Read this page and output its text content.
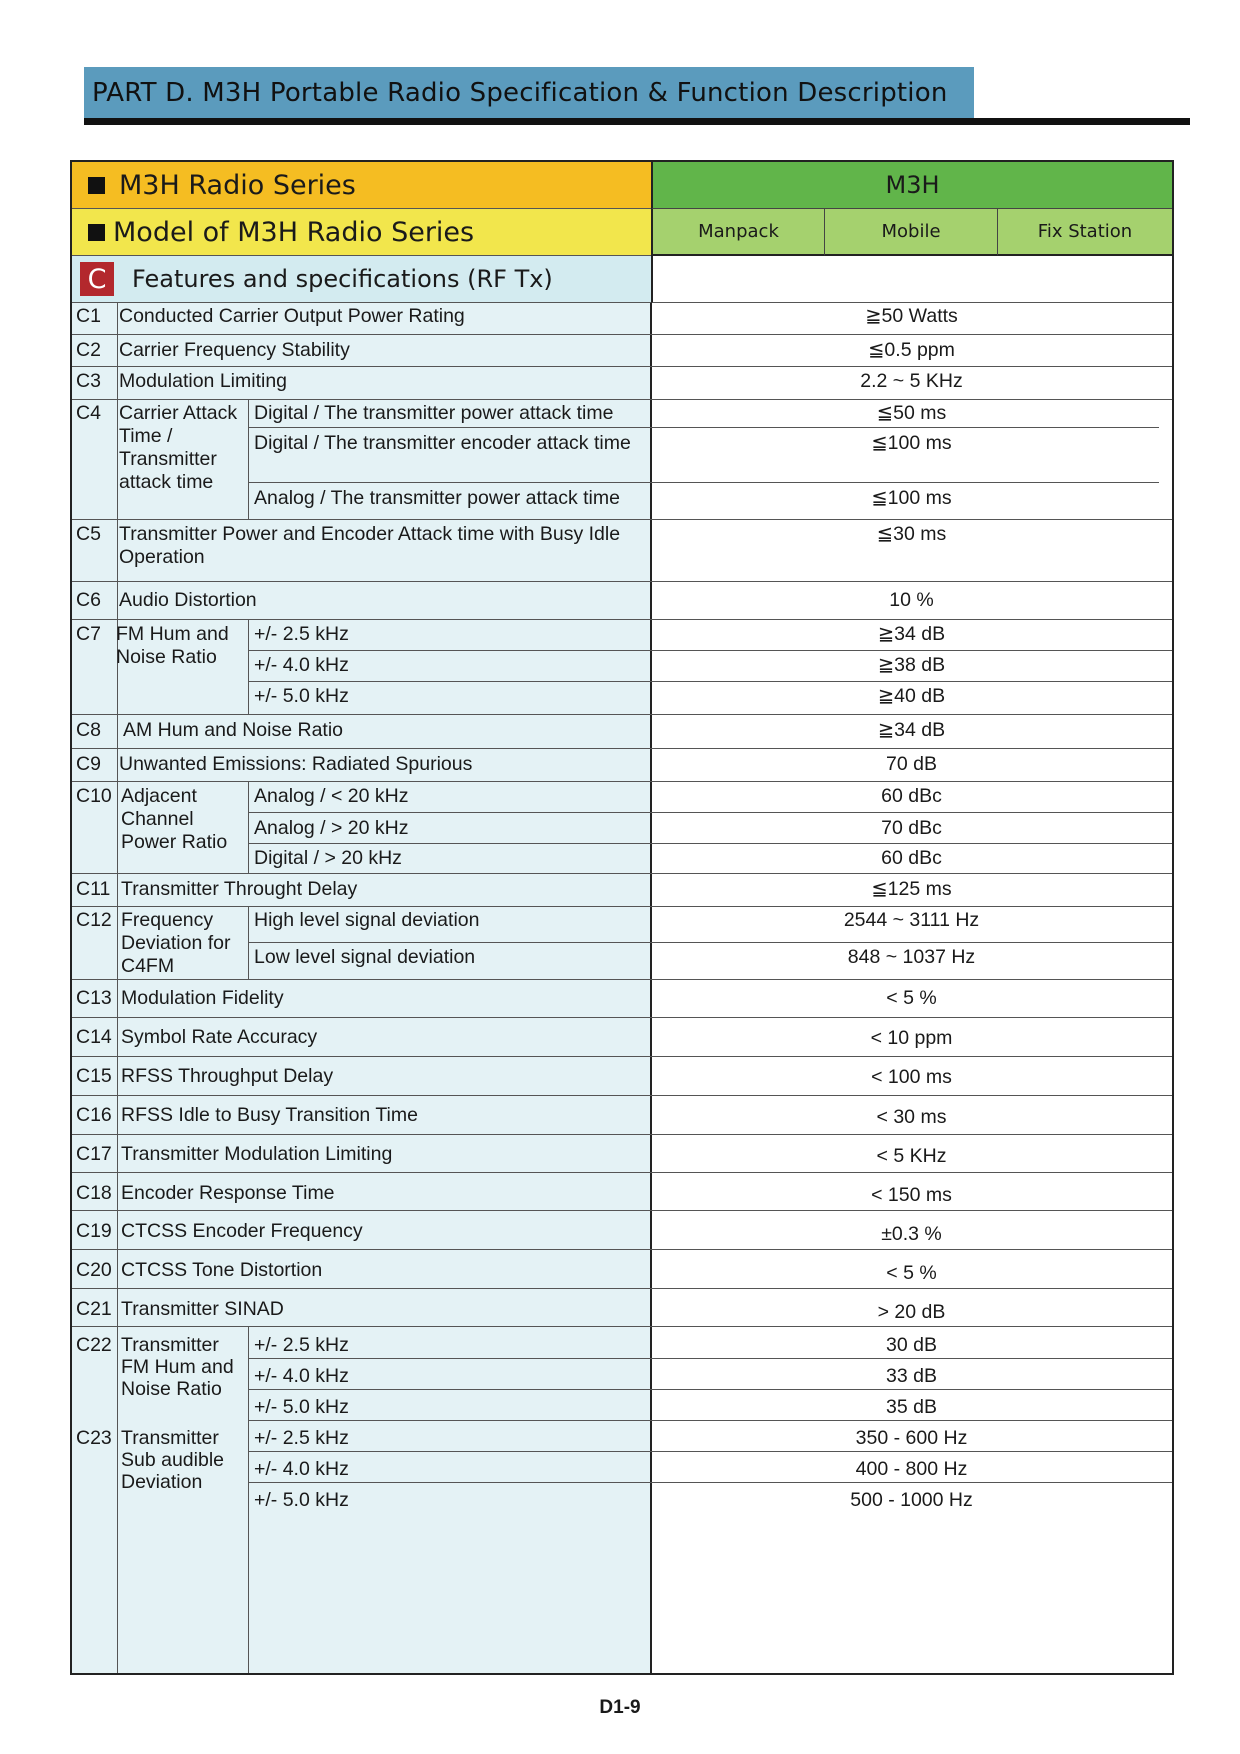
PART D. M3H Portable Radio Specification & Function Description
M3H Radio Series
Model of M3H Radio Series
C	Features and specifications (RF Tx)
M3H
Manpack	Mobile	Fix Station
C1 Conducted Carrier Output Power Rating	≧50 Watts
C2 Carrier Frequency Stability	≦0.5 ppm
C3 Modulation Limiting	2.2 ~ 5 KHz
C4 Carrier Attack Time / Transmitter attack time
Digital / The transmitter power attack time	≦50 ms
Digital / The transmitter encoder attack time	≦100 ms
Analog / The transmitter power attack time	≦100 ms
C5 Transmitter Power and Encoder Attack time with Busy Idle Operation
≦30 ms
C6 Audio Distortion	10 %
C7 FM Hum and Noise Ratio
+/- 2.5 kHz	≧34 dB
+/- 4.0 kHz	≧38 dB
+/- 5.0 kHz	≧40 dB
C8 AM Hum and Noise Ratio	≧34 dB
C9 Unwanted Emissions: Radiated Spurious	70 dB
C10 Adjacent Channel Power Ratio
Analog / < 20 kHz	60 dBc
Analog / > 20 kHz	70 dBc
Digital / > 20 kHz	60 dBc
C11 Transmitter Throught Delay	≦125 ms
C12 Frequency Deviation for C4FM
High level signal deviation	2544 ~ 3111 Hz
Low level signal deviation	848 ~ 1037 Hz
C13 Modulation Fidelity	< 5 %
C14 Symbol Rate Accuracy	< 10 ppm
C15 RFSS Throughput Delay	< 100 ms
C16 RFSS Idle to Busy Transition Time	< 30 ms
C17 Transmitter Modulation Limiting	< 5 KHz
C18 Encoder Response Time	< 150 ms
C19 CTCSS Encoder Frequency	±0.3 %
C20 CTCSS Tone Distortion	< 5 %
C21 Transmitter SINAD	> 20 dB
C22 Transmitter FM Hum and Noise Ratio
+/- 2.5 kHz	30 dB
+/- 4.0 kHz	33 dB
+/- 5.0 kHz	35 dB
C23 Transmitter Sub audible Deviation
+/- 2.5 kHz	350 - 600 Hz
+/- 4.0 kHz	400 - 800 Hz
+/- 5.0 kHz	500 - 1000 Hz
D1-9
